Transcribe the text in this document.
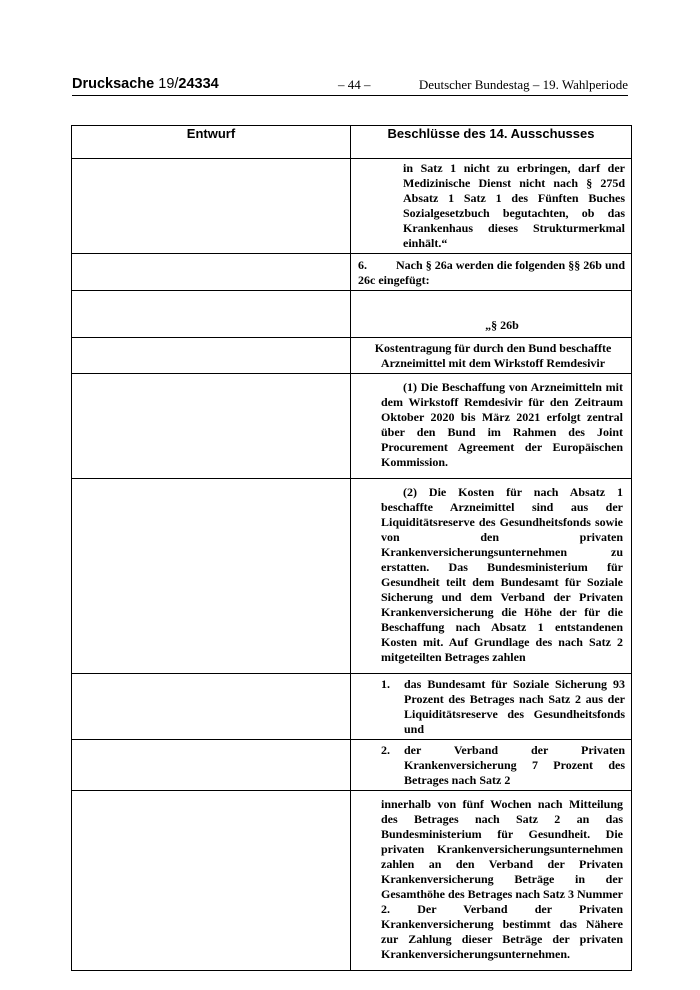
Drucksache 19/24334	– 44 –	Deutscher Bundestag – 19. Wahlperiode
Entwurf	Beschlüsse des 14. Ausschusses

	in Satz 1 nicht zu erbringen, darf der Medizinische Dienst nicht nach § 275d Absatz 1 Satz 1 des Fünften Buches Sozialgesetzbuch begutachten, ob das Krankenhaus dieses Strukturmerkmal einhält.“

	6. Nach § 26a werden die folgenden §§ 26b und 26c eingefügt:

	„§ 26b

	Kostentragung für durch den Bund beschaffte Arzneimittel mit dem Wirkstoff Remdesivir

	(1) Die Beschaffung von Arzneimitteln mit dem Wirkstoff Remdesivir für den Zeitraum Oktober 2020 bis März 2021 erfolgt zentral über den Bund im Rahmen des Joint Procurement Agreement der Europäischen Kommission.

	(2) Die Kosten für nach Absatz 1 beschaffte Arzneimittel sind aus der Liquiditätsreserve des Gesundheitsfonds sowie von den privaten Krankenversicherungsunternehmen zu erstatten. Das Bundesministerium für Gesundheit teilt dem Bundesamt für Soziale Sicherung und dem Verband der Privaten Krankenversicherung die Höhe der für die Beschaffung nach Absatz 1 entstandenen Kosten mit. Auf Grundlage des nach Satz 2 mitgeteilten Betrages zahlen

	1. das Bundesamt für Soziale Sicherung 93 Prozent des Betrages nach Satz 2 aus der Liquiditätsreserve des Gesundheitsfonds und

	2. der Verband der Privaten Krankenversicherung 7 Prozent des Betrages nach Satz 2

	innerhalb von fünf Wochen nach Mitteilung des Betrages nach Satz 2 an das Bundesministerium für Gesundheit. Die privaten Krankenversicherungsunternehmen zahlen an den Verband der Privaten Krankenversicherung Beträge in der Gesamthöhe des Betrages nach Satz 3 Nummer 2. Der Verband der Privaten Krankenversicherung bestimmt das Nähere zur Zahlung dieser Beträge der privaten Krankenversicherungsunternehmen.
